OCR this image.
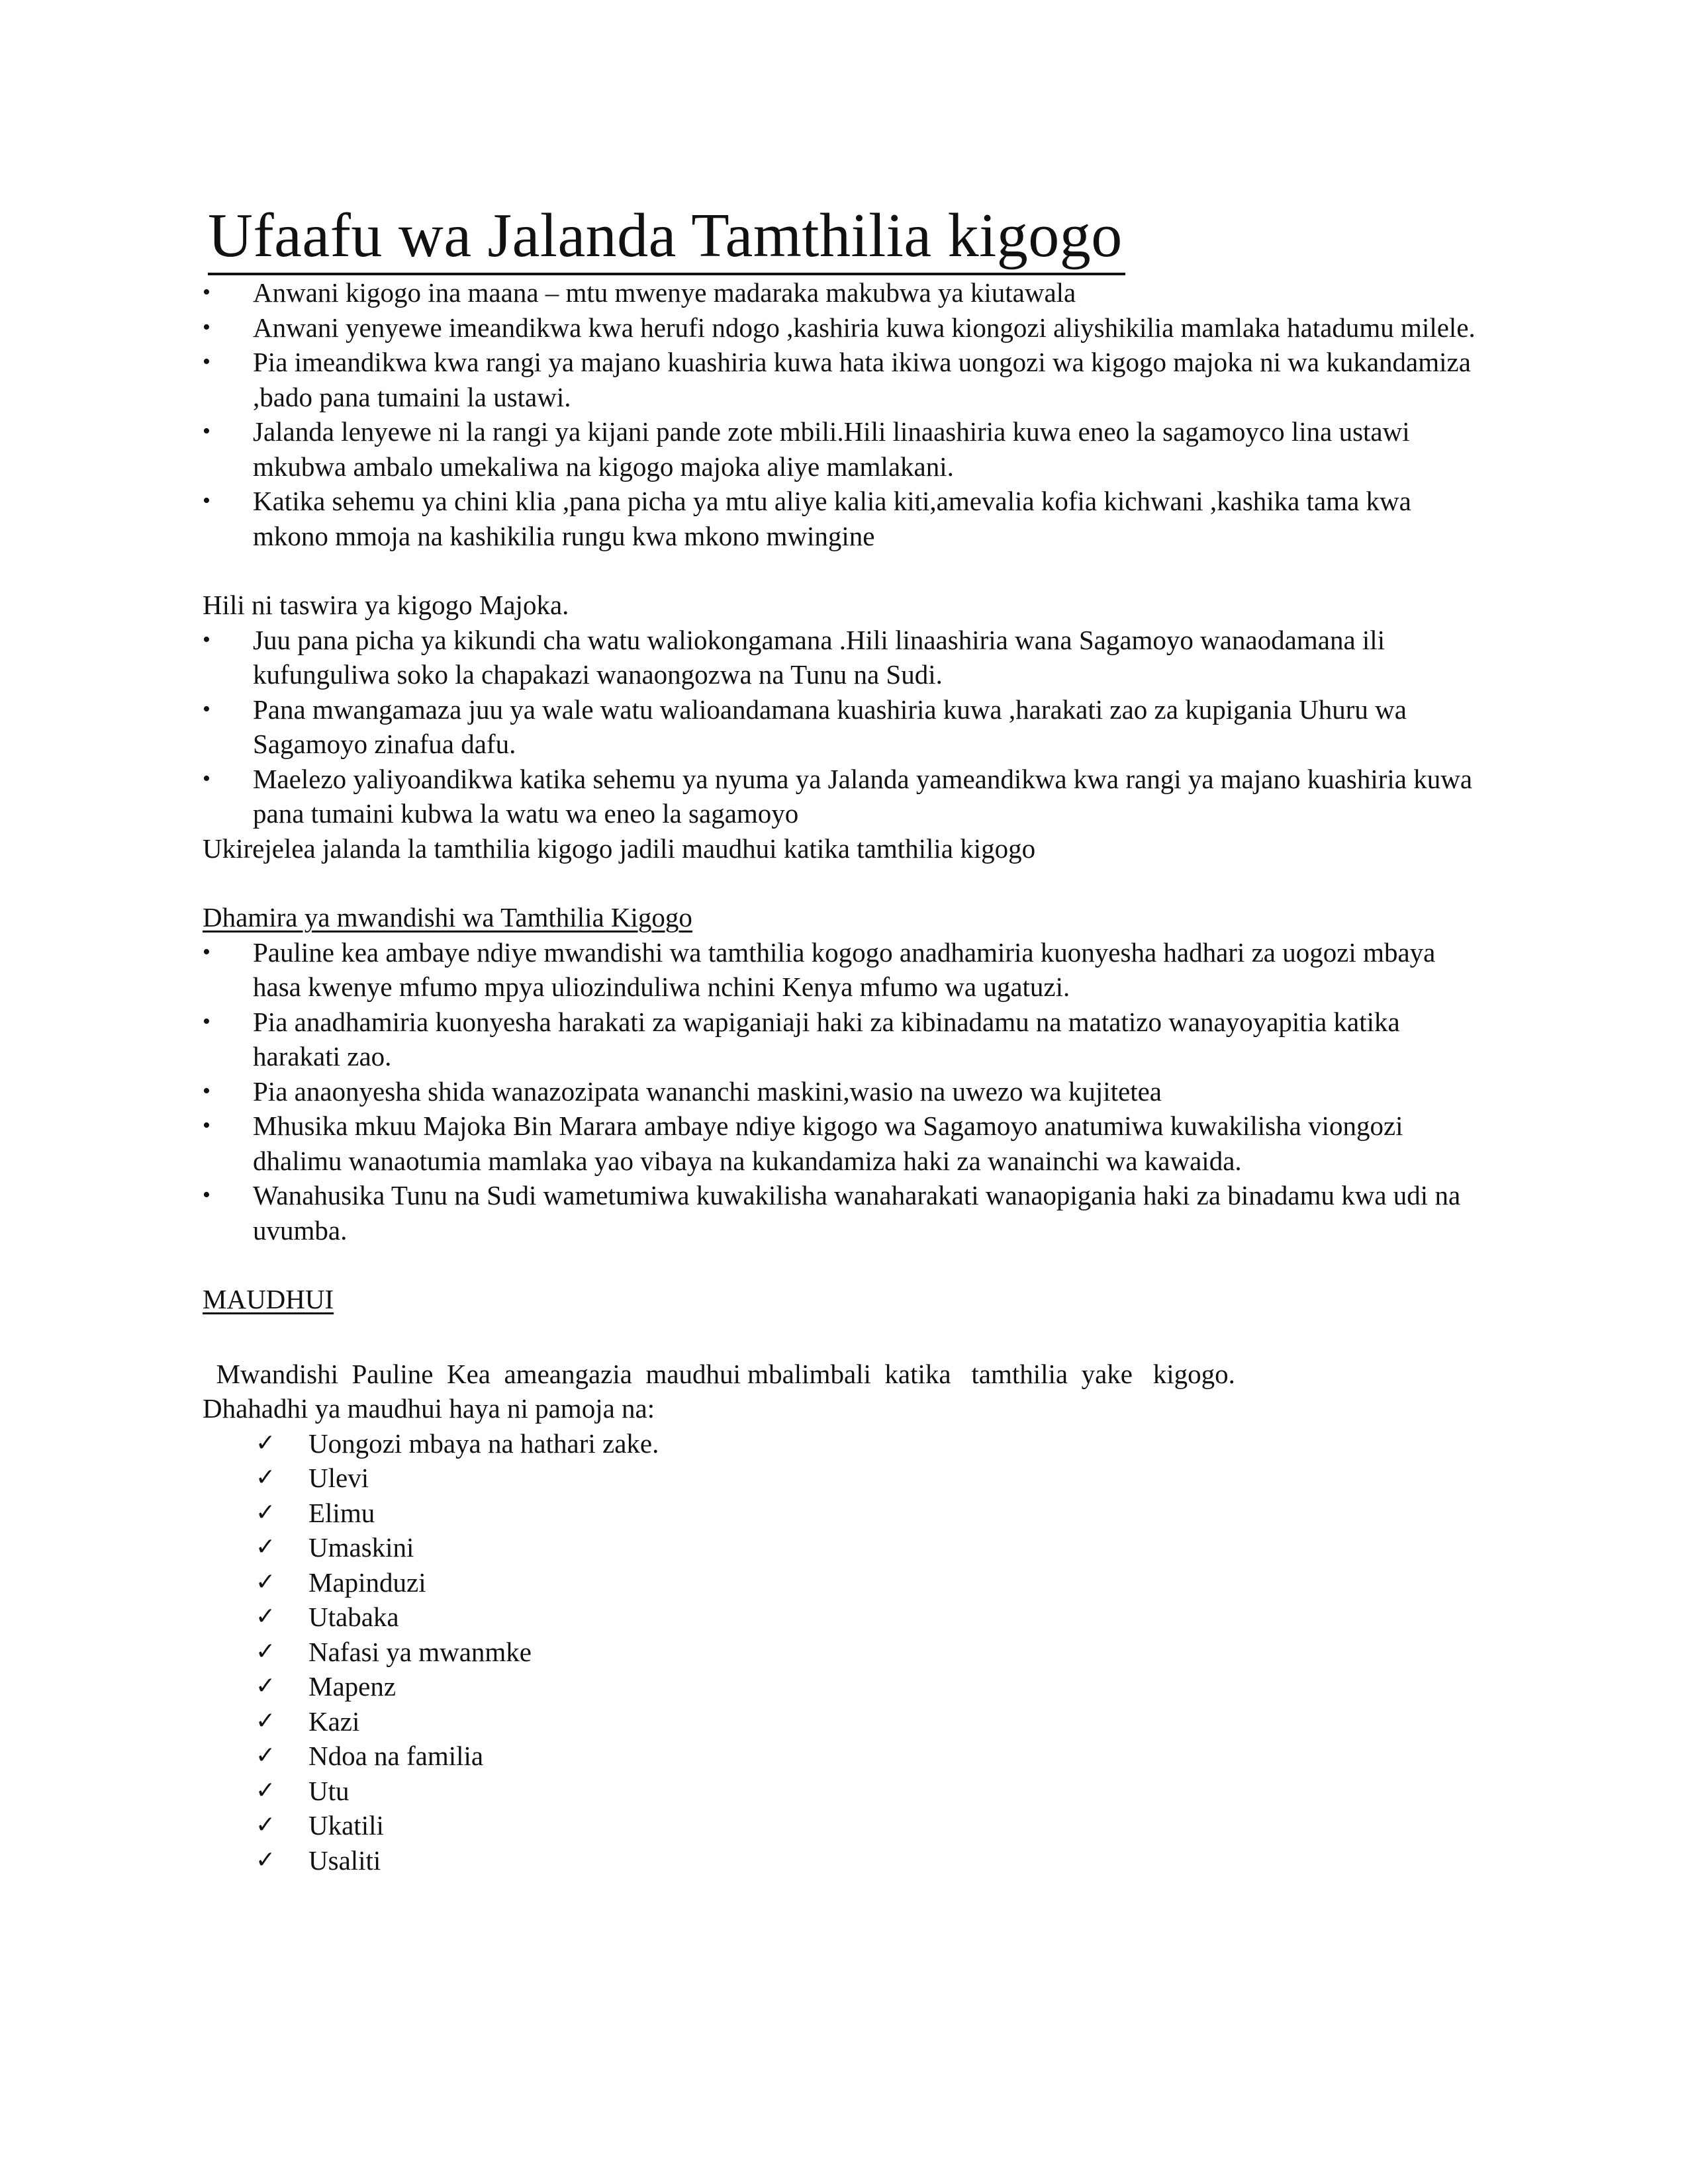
Ufaafu wa Jalanda Tamthilia kigogo
• Anwani kigogo ina maana – mtu mwenye madaraka makubwa ya kiutawala
• Anwani yenyewe imeandikwa kwa herufi ndogo ,kashiria kuwa kiongozi aliyshikilia mamlaka hatadumu milele.
• Pia imeandikwa kwa rangi ya majano kuashiria kuwa hata ikiwa uongozi wa kigogo majoka ni wa kukandamiza ,bado pana tumaini la ustawi.
• Jalanda lenyewe ni la rangi ya kijani pande zote mbili.Hili linaashiria kuwa eneo la sagamoyco lina ustawi mkubwa ambalo umekaliwa na kigogo majoka aliye mamlakani.
• Katika sehemu ya chini klia ,pana picha ya mtu aliye kalia kiti,amevalia kofia kichwani ,kashika tama kwa mkono mmoja na kashikilia rungu kwa mkono mwingine

Hili ni taswira ya kigogo Majoka.

• Juu pana picha ya kikundi cha watu waliokongamana .Hili linaashiria wana Sagamoyo wanaodamana ili kufunguliwa soko la chapakazi wanaongozwa na Tunu na Sudi.
• Pana mwangamaza juu ya wale watu walioandamana kuashiria kuwa ,harakati zao za kupigania Uhuru wa Sagamoyo zinafua dafu.
• Maelezo yaliyoandikwa katika sehemu ya nyuma ya Jalanda yameandikwa kwa rangi ya majano kuashiria kuwa pana tumaini kubwa la watu wa eneo la sagamoyo

Ukirejelea jalanda la tamthilia kigogo jadili maudhui katika tamthilia kigogo

Dhamira ya mwandishi wa Tamthilia Kigogo

• Pauline kea ambaye ndiye mwandishi wa tamthilia kogogo anadhamiria kuonyesha hadhari za uogozi mbaya hasa kwenye mfumo mpya uliozinduliwa nchini Kenya mfumo wa ugatuzi.
• Pia anadhamiria kuonyesha harakati za wapiganiaji haki za kibinadamu na matatizo wanayoyapitia katika harakati zao.
• Pia anaonyesha shida wanazozipata wananchi maskini,wasio na uwezo wa kujitetea
• Mhusika mkuu Majoka Bin Marara ambaye ndiye kigogo wa Sagamoyo anatumiwa kuwakilisha viongozi dhalimu wanaotumia mamlaka yao vibaya na kukandamiza haki za wanainchi wa kawaida.
• Wanahusika Tunu na Sudi wametumiwa kuwakilisha wanaharakati wanaopigania haki za binadamu kwa udi na uvumba.

MAUDHUI

Mwandishi  Pauline  Kea  ameangazia  maudhui mbalimbali  katika   tamthilia  yake   kigogo.

Dhahadhi ya maudhui haya ni pamoja na:

✓ Uongozi mbaya na hathari zake.
✓ Ulevi
✓ Elimu
✓ Umaskini
✓ Mapinduzi
✓ Utabaka
✓ Nafasi ya mwanmke
✓ Mapenz
✓ Kazi
✓ Ndoa na familia
✓ Utu
✓ Ukatili
✓ Usaliti
